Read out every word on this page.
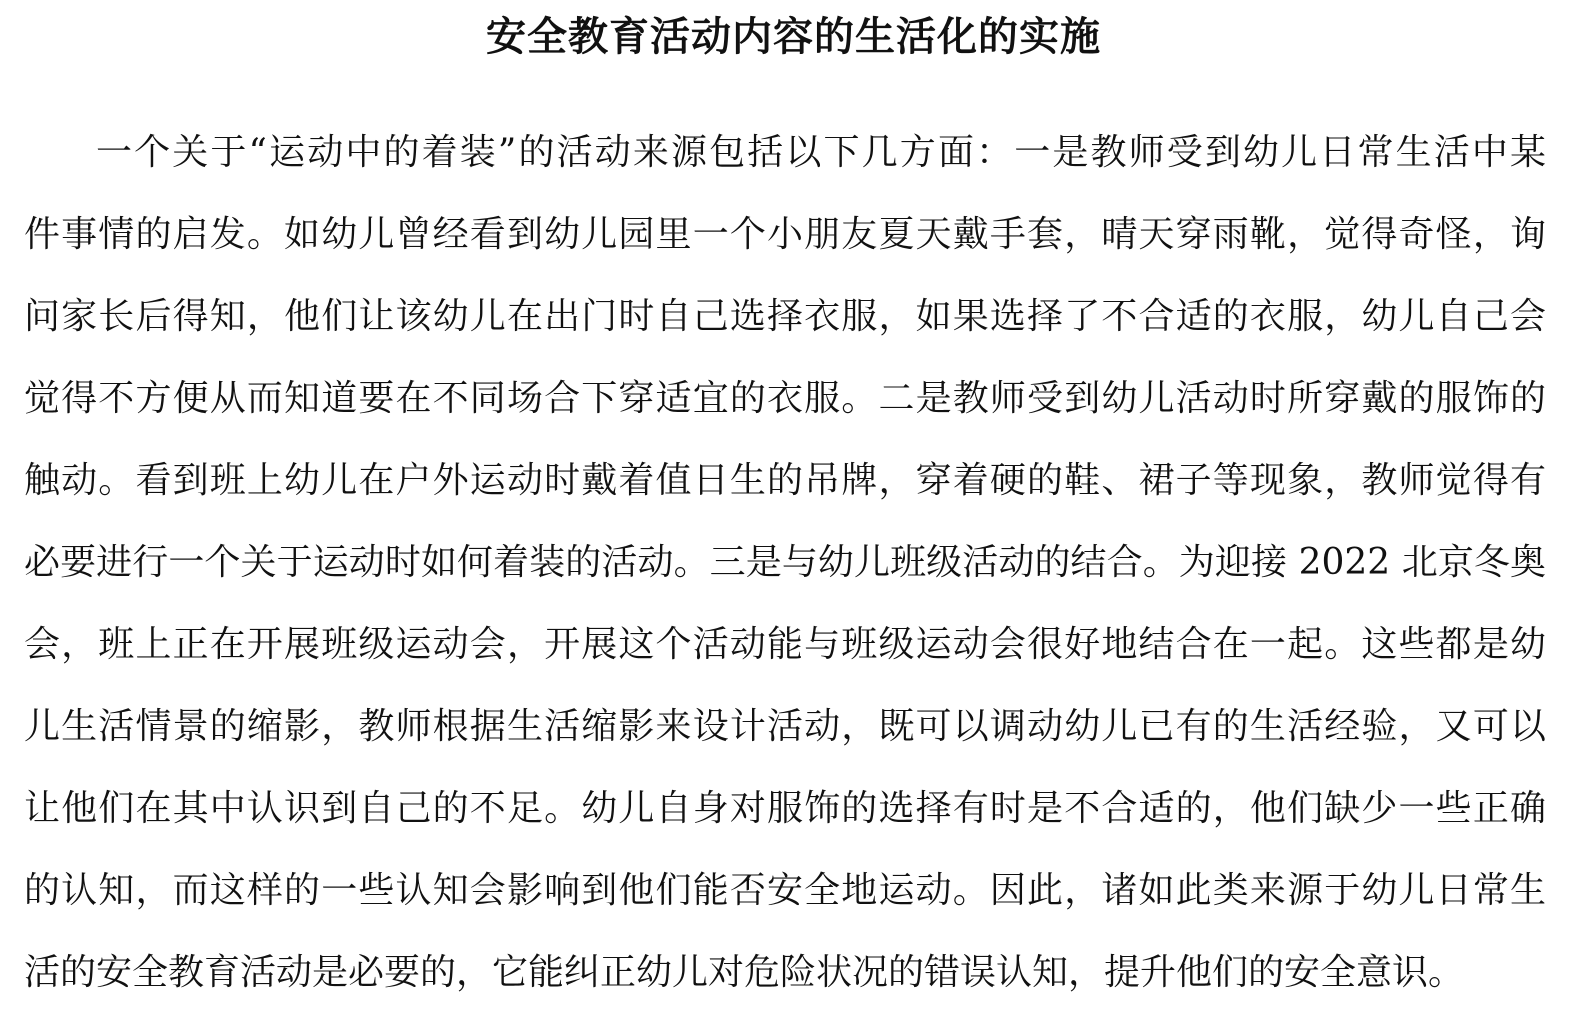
安全教育活动内容的生活化的实施
一个关于“运动中的着装”的活动来源包括以下几方面：一是教师受到幼儿日常生活中某
件事情的启发。如幼儿曾经看到幼儿园里一个小朋友夏天戴手套，晴天穿雨靴，觉得奇怪，询
问家长后得知，他们让该幼儿在出门时自己选择衣服，如果选择了不合适的衣服，幼儿自己会
觉得不方便从而知道要在不同场合下穿适宜的衣服。二是教师受到幼儿活动时所穿戴的服饰的
触动。看到班上幼儿在户外运动时戴着值日生的吊牌，穿着硬的鞋、裙子等现象，教师觉得有
必要进行一个关于运动时如何着装的活动。三是与幼儿班级活动的结合。为迎接 2022 北京冬奥
会，班上正在开展班级运动会，开展这个活动能与班级运动会很好地结合在一起。这些都是幼
儿生活情景的缩影，教师根据生活缩影来设计活动，既可以调动幼儿已有的生活经验，又可以
让他们在其中认识到自己的不足。幼儿自身对服饰的选择有时是不合适的，他们缺少一些正确
的认知，而这样的一些认知会影响到他们能否安全地运动。因此，诸如此类来源于幼儿日常生
活的安全教育活动是必要的，它能纠正幼儿对危险状况的错误认知，提升他们的安全意识。
